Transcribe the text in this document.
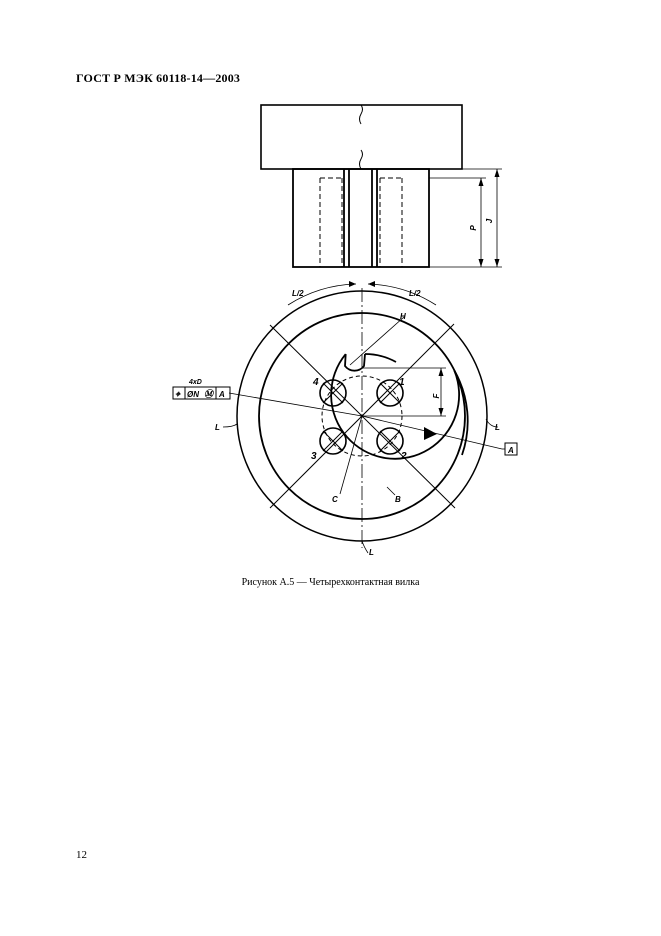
ГОСТ Р МЭК 60118-14—2003
P
J
L/2	L/2
H
F
L	L
L
C	B
1
2
3
4
A
4xD
⌖ ØN Ⓜ A
Рисунок А.5 — Четырехконтактная вилка
12
